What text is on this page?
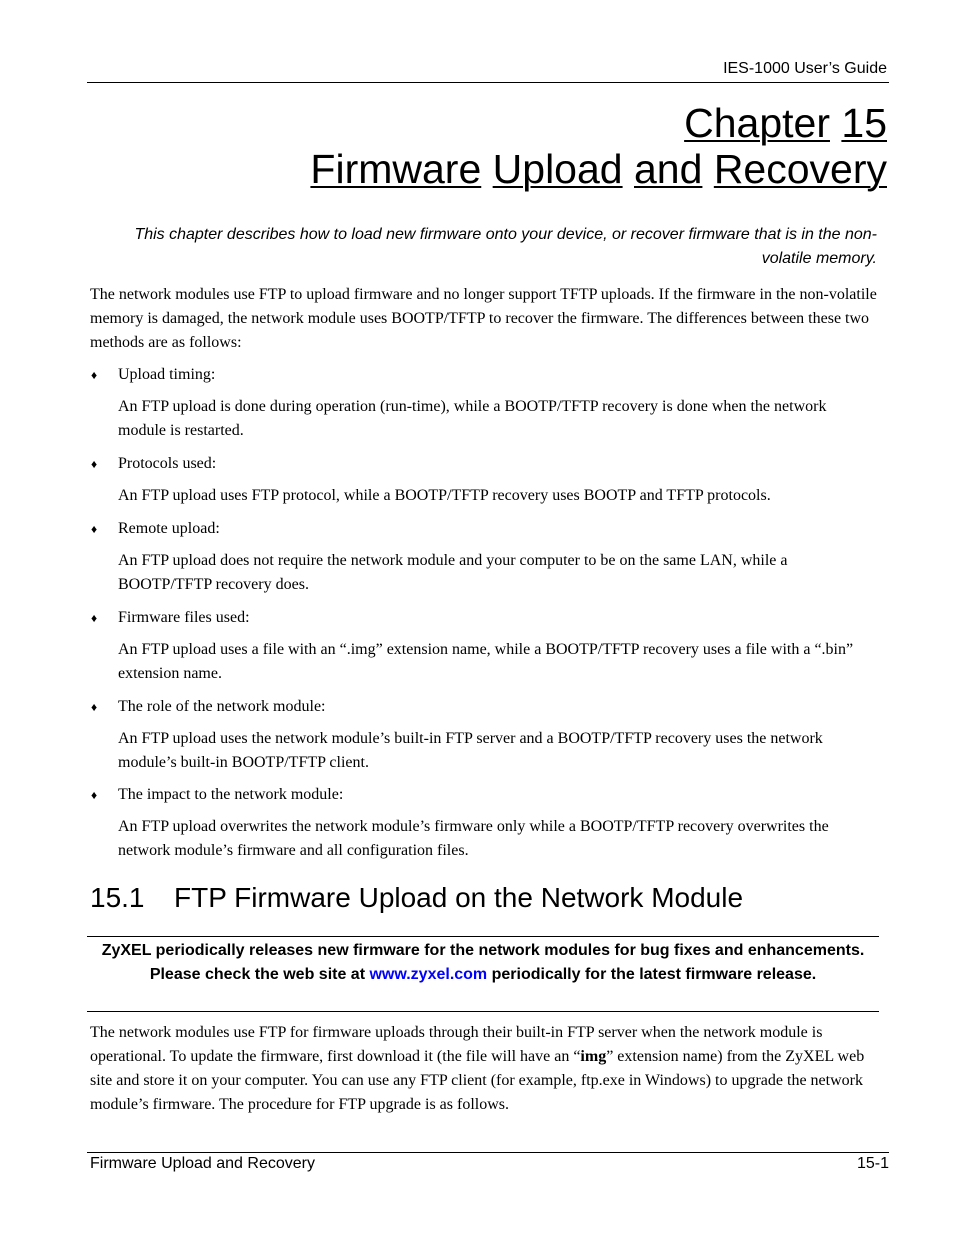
IES-1000 User’s Guide
Chapter 15
Firmware Upload and Recovery
This chapter describes how to load new firmware onto your device, or recover firmware that is in the non-volatile memory.
The network modules use FTP to upload firmware and no longer support TFTP uploads. If the firmware in the non-volatile memory is damaged, the network module uses BOOTP/TFTP to recover the firmware. The differences between these two methods are as follows:
♦ Upload timing:
An FTP upload is done during operation (run-time), while a BOOTP/TFTP recovery is done when the network module is restarted.
♦ Protocols used:
An FTP upload uses FTP protocol, while a BOOTP/TFTP recovery uses BOOTP and TFTP protocols.
♦ Remote upload:
An FTP upload does not require the network module and your computer to be on the same LAN, while a BOOTP/TFTP recovery does.
♦ Firmware files used:
An FTP upload uses a file with an “.img” extension name, while a BOOTP/TFTP recovery uses a file with a “.bin” extension name.
♦ The role of the network module:
An FTP upload uses the network module’s built-in FTP server and a BOOTP/TFTP recovery uses the network module’s built-in BOOTP/TFTP client.
♦ The impact to the network module:
An FTP upload overwrites the network module’s firmware only while a BOOTP/TFTP recovery overwrites the network module’s firmware and all configuration files.
15.1 FTP Firmware Upload on the Network Module
ZyXEL periodically releases new firmware for the network modules for bug fixes and enhancements. Please check the web site at www.zyxel.com periodically for the latest firmware release.
The network modules use FTP for firmware uploads through their built-in FTP server when the network module is operational. To update the firmware, first download it (the file will have an “img” extension name) from the ZyXEL web site and store it on your computer. You can use any FTP client (for example, ftp.exe in Windows) to upgrade the network module’s firmware. The procedure for FTP upgrade is as follows.
Firmware Upload and Recovery	15-1
